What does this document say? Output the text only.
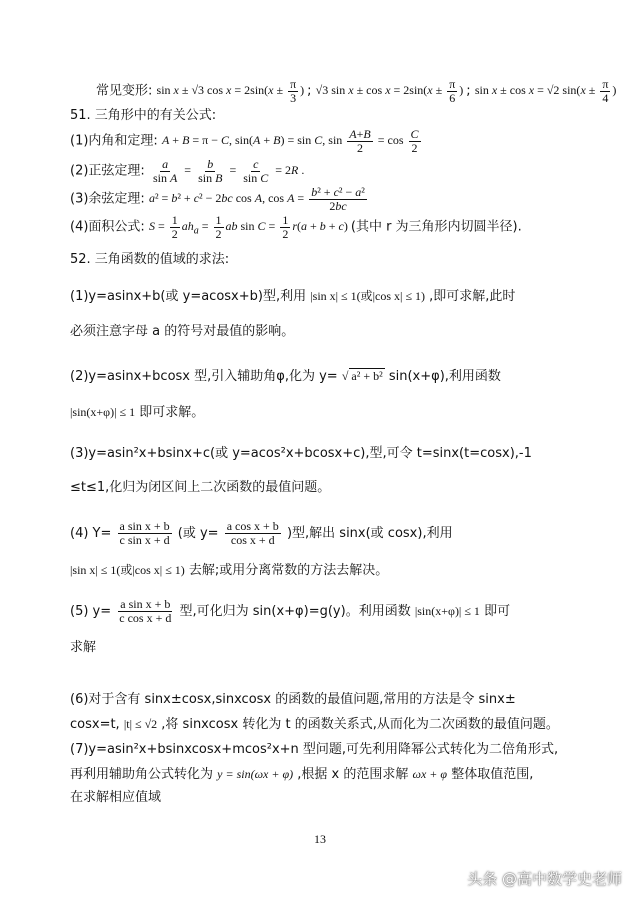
常见变形: sin x ± √3 $\cos x = 2\sin(x \pm \frac{\pi}{3}$ ) ; √3 $\sin x \pm \cos x = 2\sin(x \pm \frac{\pi}{6}$ ) ; sin x ± cos x = √2 $\sin(x \pm \frac{\pi}{4}$ )
51. 三角形中的有关公式:
(1)内角和定理: A + B = π − C, sin(A + B) = sin C, $\sin \frac{A+B}{2} = \cos \frac{C}{2}$
(2)正弦定理: $\frac{a}{\text{sin A}} = \frac{b}{\text{sin B}} = \frac{c}{\text{sin C}} = 2R$ .
(3)余弦定理: a² = b² + c² − 2bc cos A, $\cos A = \frac{\text{b² + c² − a²}}{2bc}$
(4)面积公式: $S = \frac{1}{2} ah_a = \frac{1}{2}$ ab $\sin C = \frac{1}{2} r(a + b + c)$ (其中 r 为三角形内切圆半径).
52. 三角函数的值域的求法:
(1)y=asinx+b(或 y=acosx+b)型,利用 |sin x| ≤ 1(或|cos x| ≤ 1) ,即可求解,此时
必须注意字母 a 的符号对最值的影响。
(2)y=asinx+bcosx 型,引入辅助角φ,化为 y= √ a² + b² sin(x+φ),利用函数
|sin(x+φ)| ≤ 1 即可求解。
(3)y=asin²x+bsinx+c(或 y=acos²x+bcosx+c),型,可令 t=sinx(t=cosx),-1
≤t≤1,化归为闭区间上二次函数的最值问题。
(4) $Y= \frac{\text{a sin x + b}}{\text{c sin x + d}}$ (或 $y= \frac{\text{a cos x + b}}{\text{cos x + d}}$ )型,解出 sinx(或 cosx),利用
|sin x| ≤ 1(或|cos x| ≤ 1) 去解;或用分离常数的方法去解决。
(5) $y= \frac{\text{a sin x + b}}{\text{c cos x + d}}$ 型,可化归为 sin(x+φ)=g(y)。利用函数 |sin(x+φ)| ≤ 1 即可
求解
(6)对于含有 sinx±cosx,sinxcosx 的函数的最值问题,常用的方法是令 sinx±
cosx=t, |t| ≤ √2 ,将 sinxcosx 转化为 t 的函数关系式,从而化为二次函数的最值问题。
(7)y=asin²x+bsinxcosx+mcos²x+n 型问题,可先利用降幂公式转化为二倍角形式,
再利用辅助角公式转化为 y = sin(ωx + φ) ,根据 x 的范围求解 ωx + φ 整体取值范围,
在求解相应值域
13
头条 @高中数学史老师
